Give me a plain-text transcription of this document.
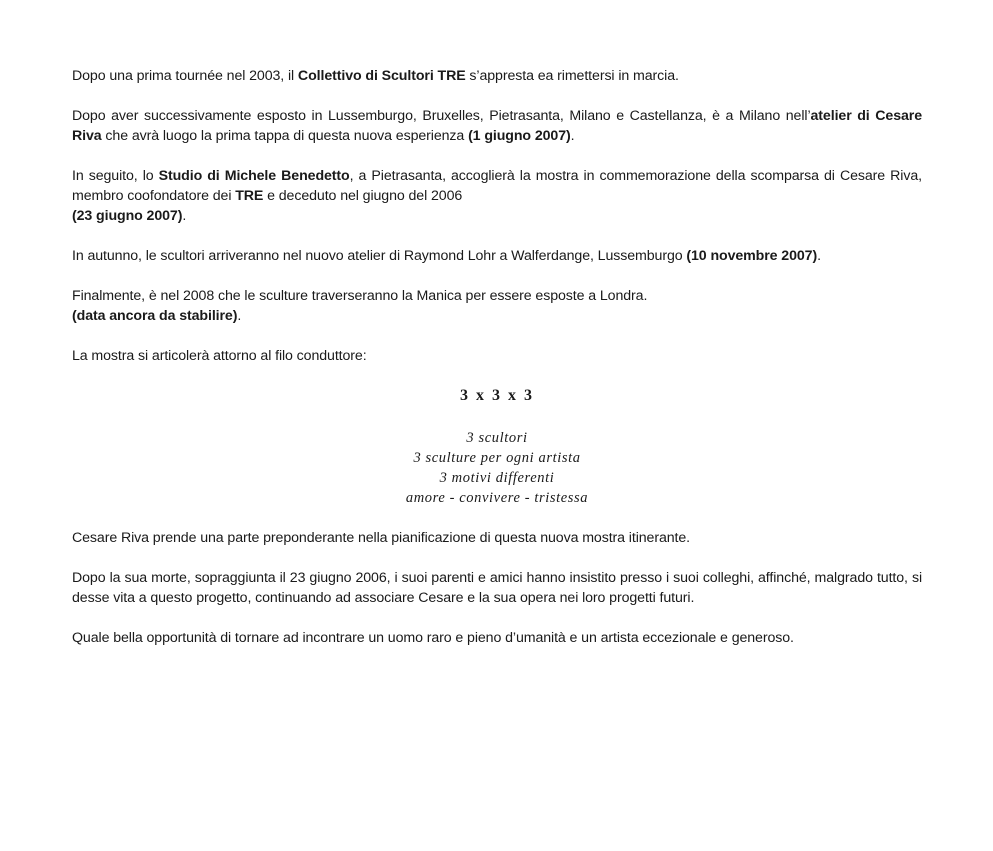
Dopo una prima tournée nel 2003, il Collettivo di Scultori TRE s’appresta ea rimettersi in marcia.

Dopo aver successivamente esposto in Lussemburgo, Bruxelles, Pietrasanta, Milano e Castellanza, è a Milano nell’atelier di Cesare Riva che avrà luogo la prima tappa di questa nuova esperienza (1 giugno 2007).

In seguito, lo Studio di Michele Benedetto, a Pietrasanta, accoglierà la mostra in commemorazione della scomparsa di Cesare Riva, membro coofondatore dei TRE e deceduto nel giugno del 2006
(23 giugno 2007).

In autunno, le scultori arriveranno nel nuovo atelier di Raymond Lohr a Walferdange, Lussemburgo (10 novembre 2007).

Finalmente, è nel 2008 che le sculture traverseranno la Manica per essere esposte a Londra.
(data ancora da stabilire).

La mostra si articolerà attorno al filo conduttore:

3 x 3 x 3
3 scultori
3 sculture per ogni artista
3 motivi differenti
amore - convivere - tristessa

Cesare Riva prende una parte preponderante nella pianificazione di questa nuova mostra itinerante.

Dopo la sua morte, sopraggiunta il 23 giugno 2006, i suoi parenti e amici hanno insistito presso i suoi colleghi, affinché, malgrado tutto, si desse vita a questo progetto, continuando ad associare Cesare e la sua opera nei loro progetti futuri.

Quale bella opportunità di tornare ad incontrare un uomo raro e pieno d’umanità e un artista eccezionale e generoso.
